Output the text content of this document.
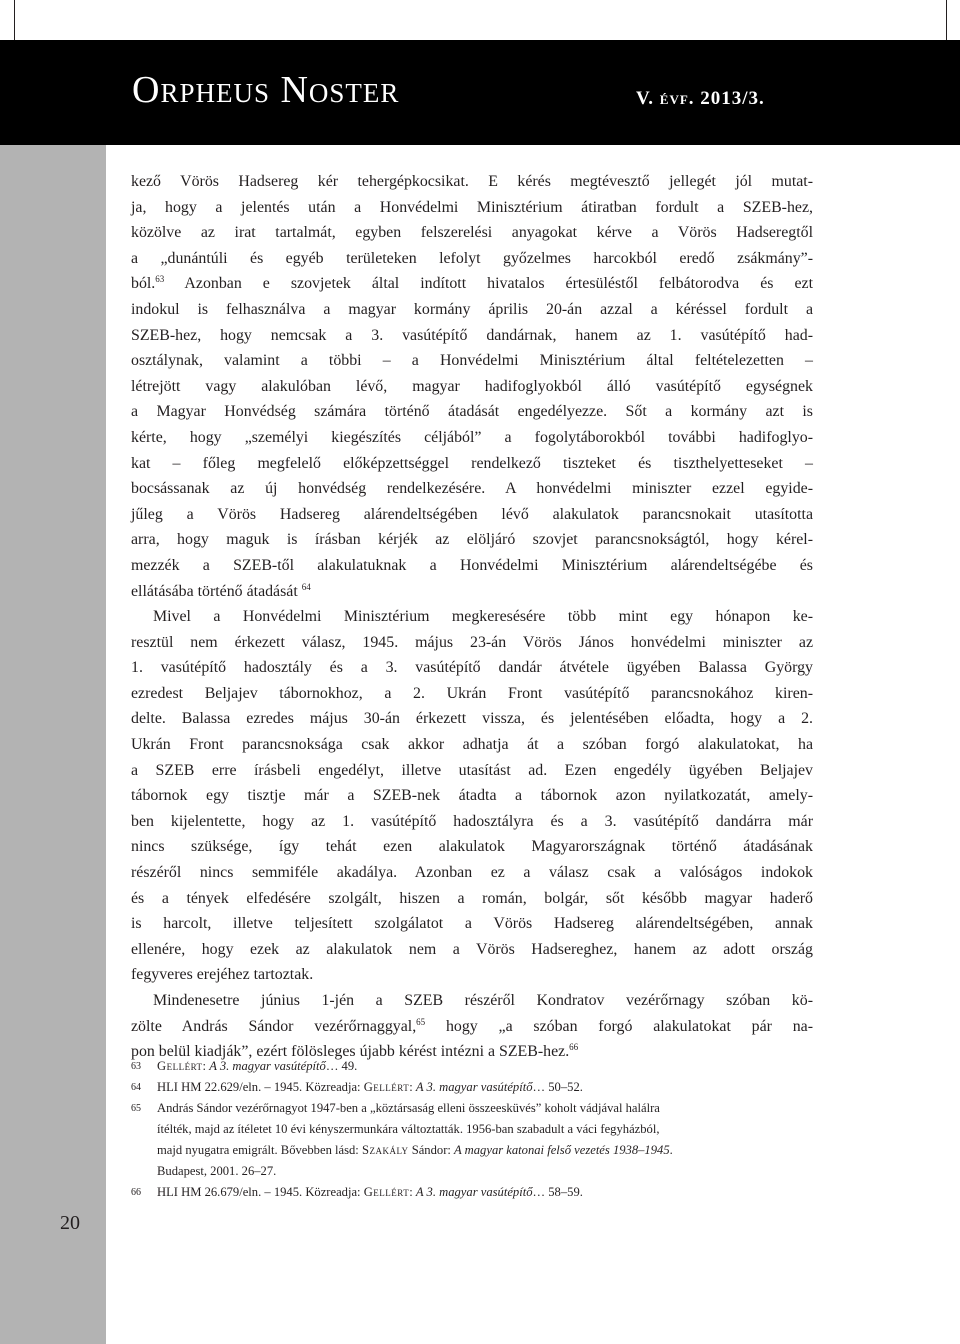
Orpheus Noster	V. évf. 2013/3.
20
kező Vörös Hadsereg kér tehergépkocsikat. E kérés megtévesztő jellegét jól mutat-
ja, hogy a jelentés után a Honvédelmi Minisztérium átiratban fordult a SZEB-hez,
közölve az irat tartalmát, egyben felszerelési anyagokat kérve a Vörös Hadseregtől
a „dunántúli és egyéb területeken lefolyt győzelmes harcokból eredő zsákmány”-
ból.$^{63}$ Azonban e szovjetek által indított hivatalos értesüléstől felbátorodva és ezt
indokul is felhasználva a magyar kormány április 20-án azzal a kéréssel fordult a
SZEB-hez, hogy nemcsak a 3. vasútépítő dandárnak, hanem az 1. vasútépítő had-
osztálynak, valamint a többi – a Honvédelmi Minisztérium által feltételezetten –
létrejött vagy alakulóban lévő, magyar hadifoglyokból álló vasútépítő egységnek
a Magyar Honvédség számára történő átadását engedélyezze. Sőt a kormány azt is
kérte, hogy „személyi kiegészítés céljából” a fogolytáborokból további hadifoglyo-
kat – főleg megfelelő előképzettséggel rendelkező tiszteket és tiszthelyetteseket –
bocsássanak az új honvédség rendelkezésére. A honvédelmi miniszter ezzel egyide-
jűleg a Vörös Hadsereg alárendeltségében lévő alakulatok parancsnokait utasította
arra, hogy maguk is írásban kérjék az elöljáró szovjet parancsnokságtól, hogy kérel-
mezzék a SZEB-től alakulatuknak a Honvédelmi Minisztérium alárendeltségébe és
ellátásába történő átadását $^{64}$
Mivel a Honvédelmi Minisztérium megkeresésére több mint egy hónapon ke-
resztül nem érkezett válasz, 1945. május 23-án Vörös János honvédelmi miniszter az
1. vasútépítő hadosztály és a 3. vasútépítő dandár átvétele ügyében Balassa György
ezredest Beljajev tábornokhoz, a 2. Ukrán Front vasútépítő parancsnokához kiren-
delte. Balassa ezredes május 30-án érkezett vissza, és jelentésében előadta, hogy a 2.
Ukrán Front parancsnoksága csak akkor adhatja át a szóban forgó alakulatokat, ha
a SZEB erre írásbeli engedélyt, illetve utasítást ad. Ezen engedély ügyében Beljajev
tábornok egy tisztje már a SZEB-nek átadta a tábornok azon nyilatkozatát, amely-
ben kijelentette, hogy az 1. vasútépítő hadosztályra és a 3. vasútépítő dandárra már
nincs szüksége, így tehát ezen alakulatok Magyarországnak történő átadásának
részéről nincs semmiféle akadálya. Azonban ez a válasz csak a valóságos indokok
és a tények elfedésére szolgált, hiszen a román, bolgár, sőt később magyar haderő
is harcolt, illetve teljesített szolgálatot a Vörös Hadsereg alárendeltségében, annak
ellenére, hogy ezek az alakulatok nem a Vörös Hadsereghez, hanem az adott ország
fegyveres erejéhez tartoztak.
Mindenesetre június 1-jén a SZEB részéről Kondratov vezérőrnagy szóban kö-
zölte András Sándor vezérőrnaggyal,$^{65}$ hogy „a szóban forgó alakulatokat pár na-
pon belül kiadják”, ezért fölösleges újabb kérést intézni a SZEB-hez.$^{66}$
63 Gellért: A 3. magyar vasútépítő… 49.
64 HLI HM 22.629/eln. – 1945. Közreadja: Gellért: A 3. magyar vasútépítő… 50–52.
65 András Sándor vezérőrnagyot 1947-ben a „köztársaság elleni összeesküvés” koholt vádjával halálra
ítélték, majd az ítéletet 10 évi kényszermunkára változtatták. 1956-ban szabadult a váci fegyházból,
majd nyugatra emigrált. Bővebben lásd: Szakály Sándor: A magyar katonai felső vezetés 1938–1945.
Budapest, 2001. 26–27.
66 HLI HM 26.679/eln. – 1945. Közreadja: Gellért: A 3. magyar vasútépítő… 58–59.
